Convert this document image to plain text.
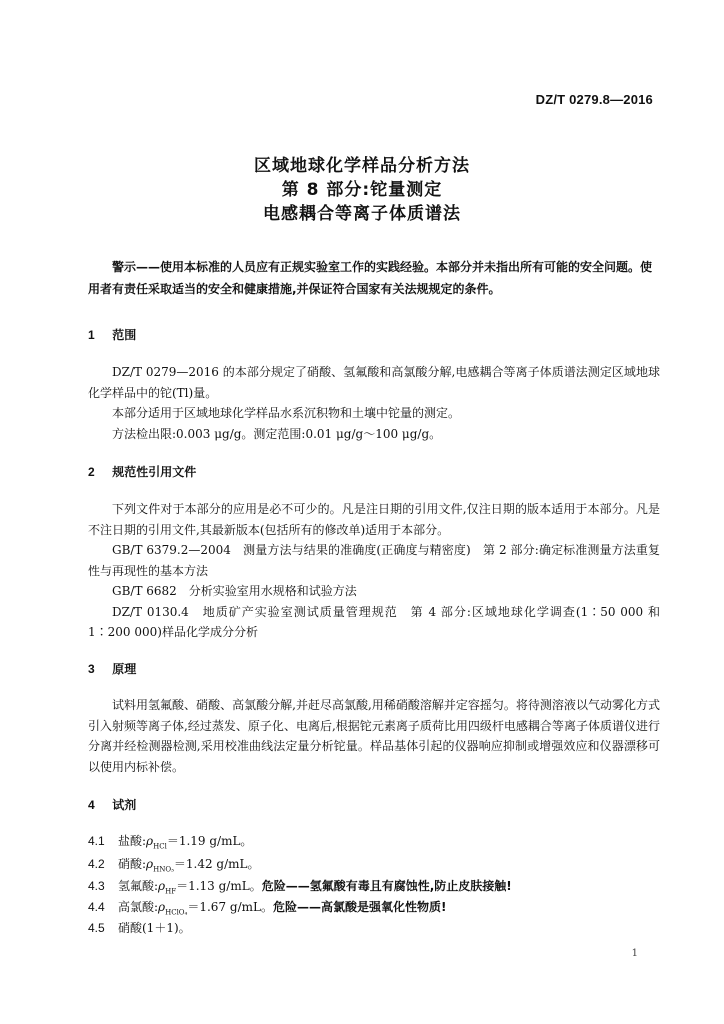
DZ/T 0279.8—2016
区域地球化学样品分析方法
第 8 部分:铊量测定
电感耦合等离子体质谱法
警示——使用本标准的人员应有正规实验室工作的实践经验。本部分并未指出所有可能的安全问题。使用者有责任采取适当的安全和健康措施,并保证符合国家有关法规规定的条件。
1 范围

DZ/T 0279—2016 的本部分规定了硝酸、氢氟酸和高氯酸分解,电感耦合等离子体质谱法测定区域地球化学样品中的铊(Tl)量。

本部分适用于区域地球化学样品水系沉积物和土壤中铊量的测定。

方法检出限:0.003 μg/g。测定范围:0.01 μg/g～100 μg/g。

2 规范性引用文件

下列文件对于本部分的应用是必不可少的。凡是注日期的引用文件,仅注日期的版本适用于本部分。凡是不注日期的引用文件,其最新版本(包括所有的修改单)适用于本部分。

GB/T 6379.2—2004　测量方法与结果的准确度(正确度与精密度)　第 2 部分:确定标准测量方法重复性与再现性的基本方法

GB/T 6682　分析实验室用水规格和试验方法

DZ/T 0130.4　地质矿产实验室测试质量管理规范　第 4 部分:区域地球化学调查(1∶50 000 和 1∶200 000)样品化学成分分析

3 原理

试料用氢氟酸、硝酸、高氯酸分解,并赶尽高氯酸,用稀硝酸溶解并定容摇匀。将待测溶液以气动雾化方式引入射频等离子体,经过蒸发、原子化、电离后,根据铊元素离子质荷比用四级杆电感耦合等离子体质谱仪进行分离并经检测器检测,采用校准曲线法定量分析铊量。样品基体引起的仪器响应抑制或增强效应和仪器漂移可以使用内标补偿。

4 试剂
4.1 盐酸$:\rho_{HCl}=1.19$ g/mL。
4.2 硝酸$:\rho_{HNO_3}=1.42$ g/mL。
4.3 氢氟酸$:\rho_{HF}=1.13$ g/mL。危险——氢氟酸有毒且有腐蚀性,防止皮肤接触!
4.4 高氯酸$:\rho_{HClO_4}=1.67$ g/mL。危险——高氯酸是强氧化性物质!
4.5 硝酸(1＋1)。
1
